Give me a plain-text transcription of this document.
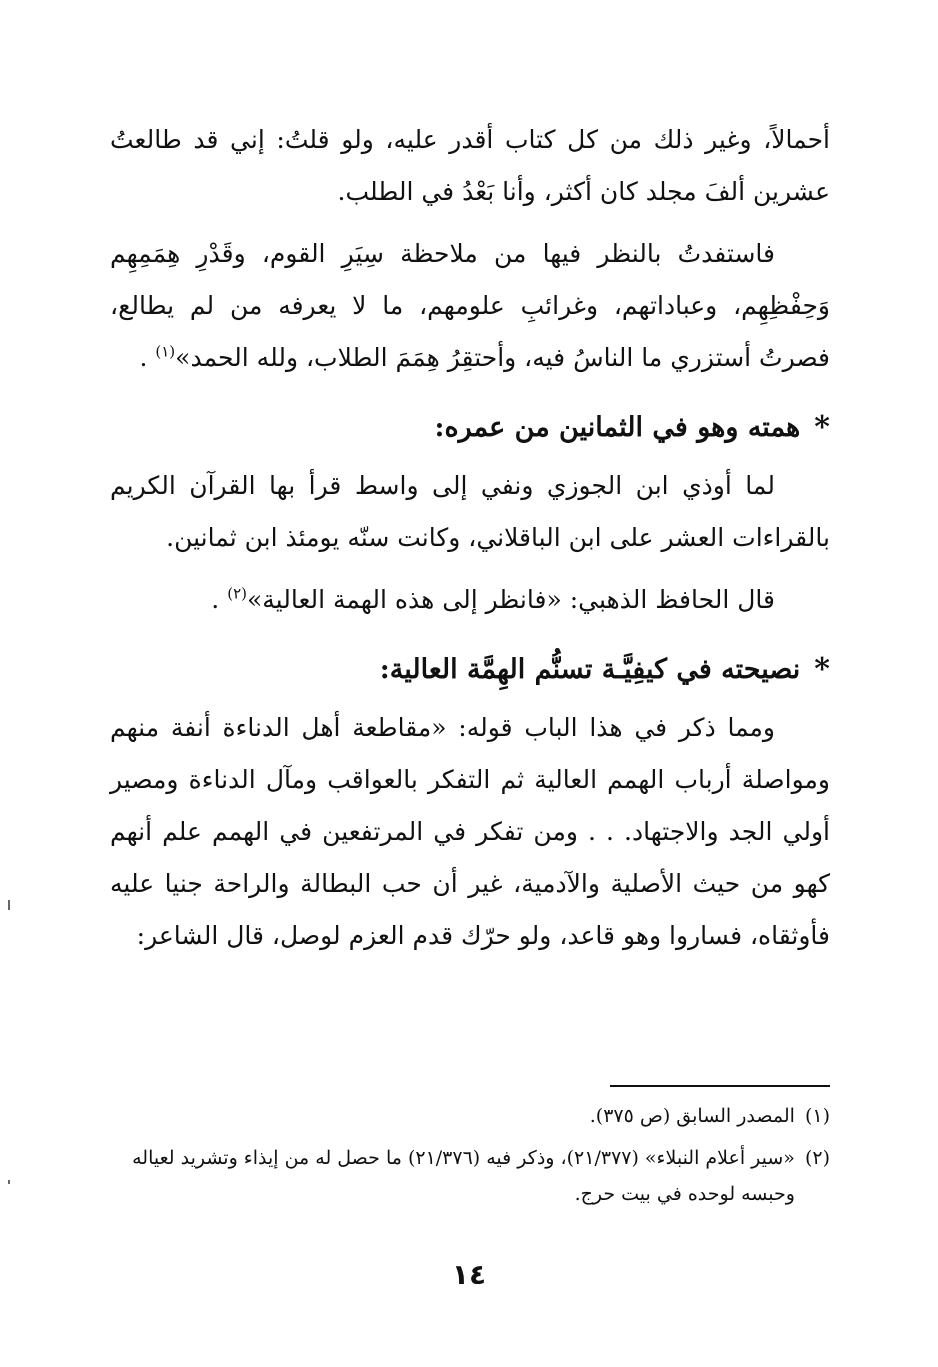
أحمالاً، وغير ذلك من كل كتاب أقدر عليه، ولو قلتُ: إني قد طالعتُ عشرين ألفَ مجلد كان أكثر، وأنا بَعْدُ في الطلب.

فاستفدتُ بالنظر فيها من ملاحظة سِيَرِ القوم، وقَدْرِ هِمَمِهِم وَحِفْظِهِم، وعباداتهم، وغرائبِ علومهم، ما لا يعرفه من لم يطالع، فصرتُ أستزري ما الناسُ فيه، وأحتقِرُ هِمَمَ الطلاب، ولله الحمد»$^{(١)}$ .

*
همته وهو في الثمانين من عمره:

لما أوذي ابن الجوزي ونفي إلى واسط قرأ بها القرآن الكريم بالقراءات العشر على ابن الباقلاني، وكانت سنّه يومئذ ابن ثمانين.

قال الحافظ الذهبي: «فانظر إلى هذه الهمة العالية»$^{(٢)}$ .

*
نصيحته في كيفِيَّـة تسنُّم الهِمَّة العالية:

ومما ذكر في هذا الباب قوله: «مقاطعة أهل الدناءة أنفة منهم ومواصلة أرباب الهمم العالية ثم التفكر بالعواقب ومآل الدناءة ومصير أولي الجد والاجتهاد. . . ومن تفكر في المرتفعين في الهمم علم أنهم كهو من حيث الأصلية والآدمية، غير أن حب البطالة والراحة جنيا عليه فأوثقاه، فساروا وهو قاعد، ولو حرّك قدم العزم لوصل، قال الشاعر:

(١)
المصدر السابق (ص ٣٧٥).

(٢)
«سير أعلام النبلاء» (٢١/٣٧٧)، وذكر فيه (٢١/٣٧٦) ما حصل له من إيذاء وتشريد لعياله وحبسه لوحده في بيت حرج.

١٤
